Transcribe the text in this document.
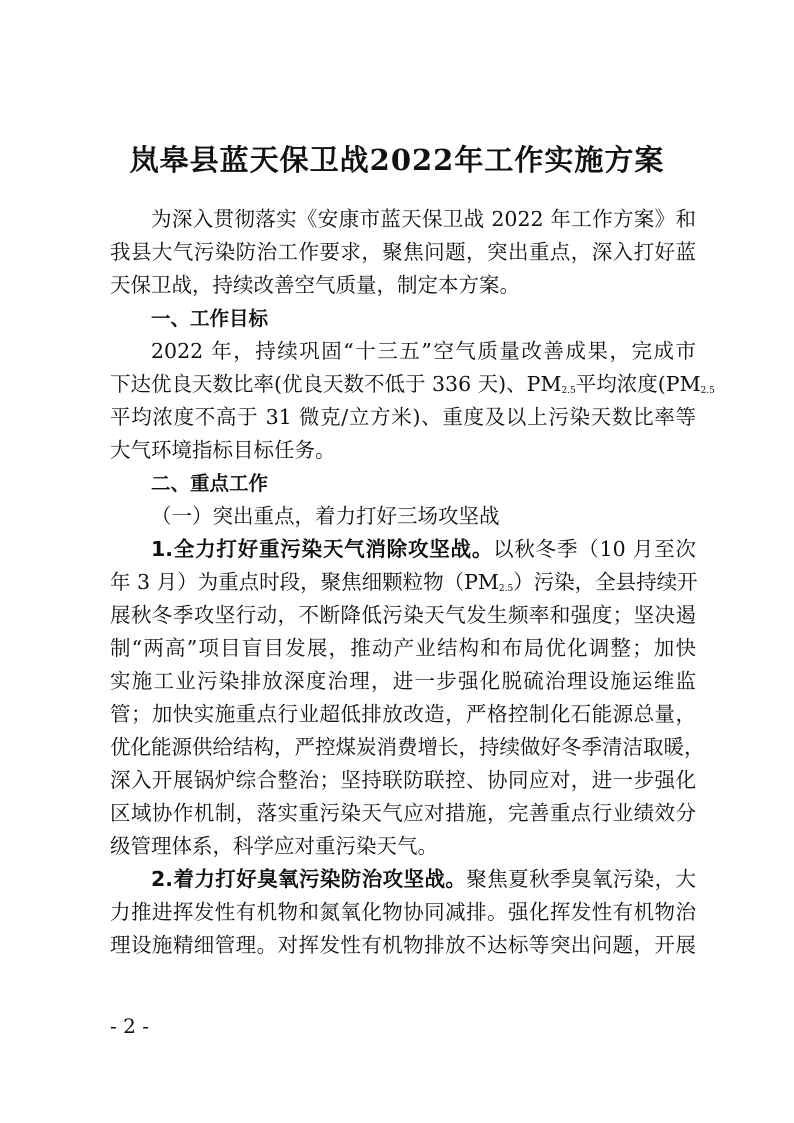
岚皋县蓝天保卫战2022年工作实施方案
为深入贯彻落实《安康市蓝天保卫战 2022 年工作方案》和
我县大气污染防治工作要求，聚焦问题，突出重点，深入打好蓝
天保卫战，持续改善空气质量，制定本方案。
一、工作目标
2022 年，持续巩固“十三五”空气质量改善成果，完成市
下达优良天数比率(优良天数不低于 336 天)、$PM_{2.5}$平均浓度($PM_{2.5}$
平均浓度不高于 31 微克/立方米)、重度及以上污染天数比率等
大气环境指标目标任务。
二、重点工作
（一）突出重点，着力打好三场攻坚战
1.全力打好重污染天气消除攻坚战。以秋冬季（10 月至次
年 3 月）为重点时段，聚焦细颗粒物$(PM_{2.5})$污染，全县持续开
展秋冬季攻坚行动，不断降低污染天气发生频率和强度；坚决遏
制“两高”项目盲目发展，推动产业结构和布局优化调整；加快
实施工业污染排放深度治理，进一步强化脱硫治理设施运维监
管；加快实施重点行业超低排放改造，严格控制化石能源总量，
优化能源供给结构，严控煤炭消费增长，持续做好冬季清洁取暖，
深入开展锅炉综合整治；坚持联防联控、协同应对，进一步强化
区域协作机制，落实重污染天气应对措施，完善重点行业绩效分
级管理体系，科学应对重污染天气。
2.着力打好臭氧污染防治攻坚战。聚焦夏秋季臭氧污染，大
力推进挥发性有机物和氮氧化物协同减排。强化挥发性有机物治
理设施精细管理。对挥发性有机物排放不达标等突出问题，开展
- 2 -
